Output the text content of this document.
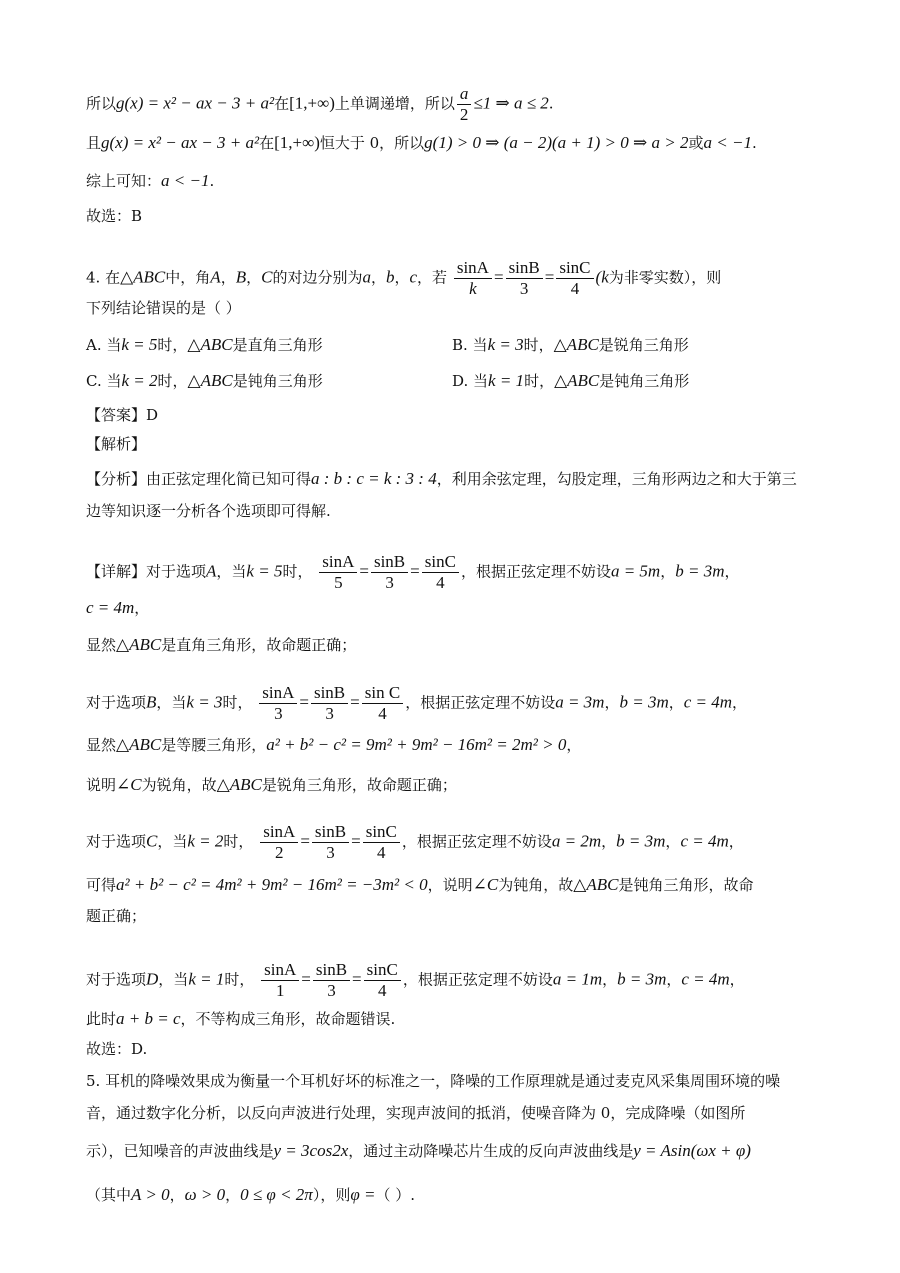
所以g(x) = x² − ax − 3 + a²在[1,+∞)上单调递增，所以 $\frac{a}{2} \le 1$ ⇒ a ≤ 2.
且g(x) = x² − ax − 3 + a²在[1,+∞)恒大于 0，所以g(1) > 0 ⇒ (a − 2)(a + 1) > 0 ⇒ a > 2或a < −1.
综上可知：a < −1.
故选：B
4. 在△ABC中，角A，B，C的对边分别为a，b，c，若 $\frac{\sin A}{k} = \frac{\sin B}{3} = \frac{\sin C}{4} (k$为非零实数），则
下列结论错误的是（ ）
A. 当k = 5时，△ABC是直角三角形	B. 当k = 3时，△ABC是锐角三角形
C. 当k = 2时，△ABC是钝角三角形	D. 当k = 1时，△ABC是钝角三角形
【答案】D
【解析】
【分析】由正弦定理化简已知可得a : b : c = k : 3 : 4，利用余弦定理，勾股定理，三角形两边之和大于第三
边等知识逐一分析各个选项即可得解.
【详解】对于选项A，当k = 5时， $\frac{\sin A}{5} = \frac{\sin B}{3} = \frac{\sin C}{4}$ ，根据正弦定理不妨设a = 5m，b = 3m，
c = 4m，
显然△ABC是直角三角形，故命题正确；
对于选项B，当k = 3时， $\frac{\sin A}{3} = \frac{\sin B}{3} = \frac{\text{sin C}}{4}$ ，根据正弦定理不妨设a = 3m，b = 3m，c = 4m，
显然△ABC是等腰三角形，a² + b² − c² = 9m² + 9m² − 16m² = 2m² > 0，
说明∠C为锐角，故△ABC是锐角三角形，故命题正确；
对于选项C，当k = 2时， $\frac{\sin A}{2} = \frac{\sin B}{3} = \frac{\sin C}{4}$ ，根据正弦定理不妨设a = 2m，b = 3m，c = 4m，
可得a² + b² − c² = 4m² + 9m² − 16m² = −3m² < 0，说明∠C为钝角，故△ABC是钝角三角形，故命
题正确；
对于选项D，当k = 1时， $\frac{\sin A}{1} = \frac{\sin B}{3} = \frac{\sin C}{4}$ ，根据正弦定理不妨设a = 1m，b = 3m，c = 4m，
此时a + b = c，不等构成三角形，故命题错误.
故选：D.
5. 耳机的降噪效果成为衡量一个耳机好坏的标准之一，降噪的工作原理就是通过麦克风采集周围环境的噪
音，通过数字化分析，以反向声波进行处理，实现声波间的抵消，使噪音降为 0，完成降噪（如图所
示），已知噪音的声波曲线是y = 3cos2x，通过主动降噪芯片生成的反向声波曲线是y = Asin(ωx + φ)
（其中A > 0，ω > 0，0 ≤ φ < 2π），则φ =（ ）.
